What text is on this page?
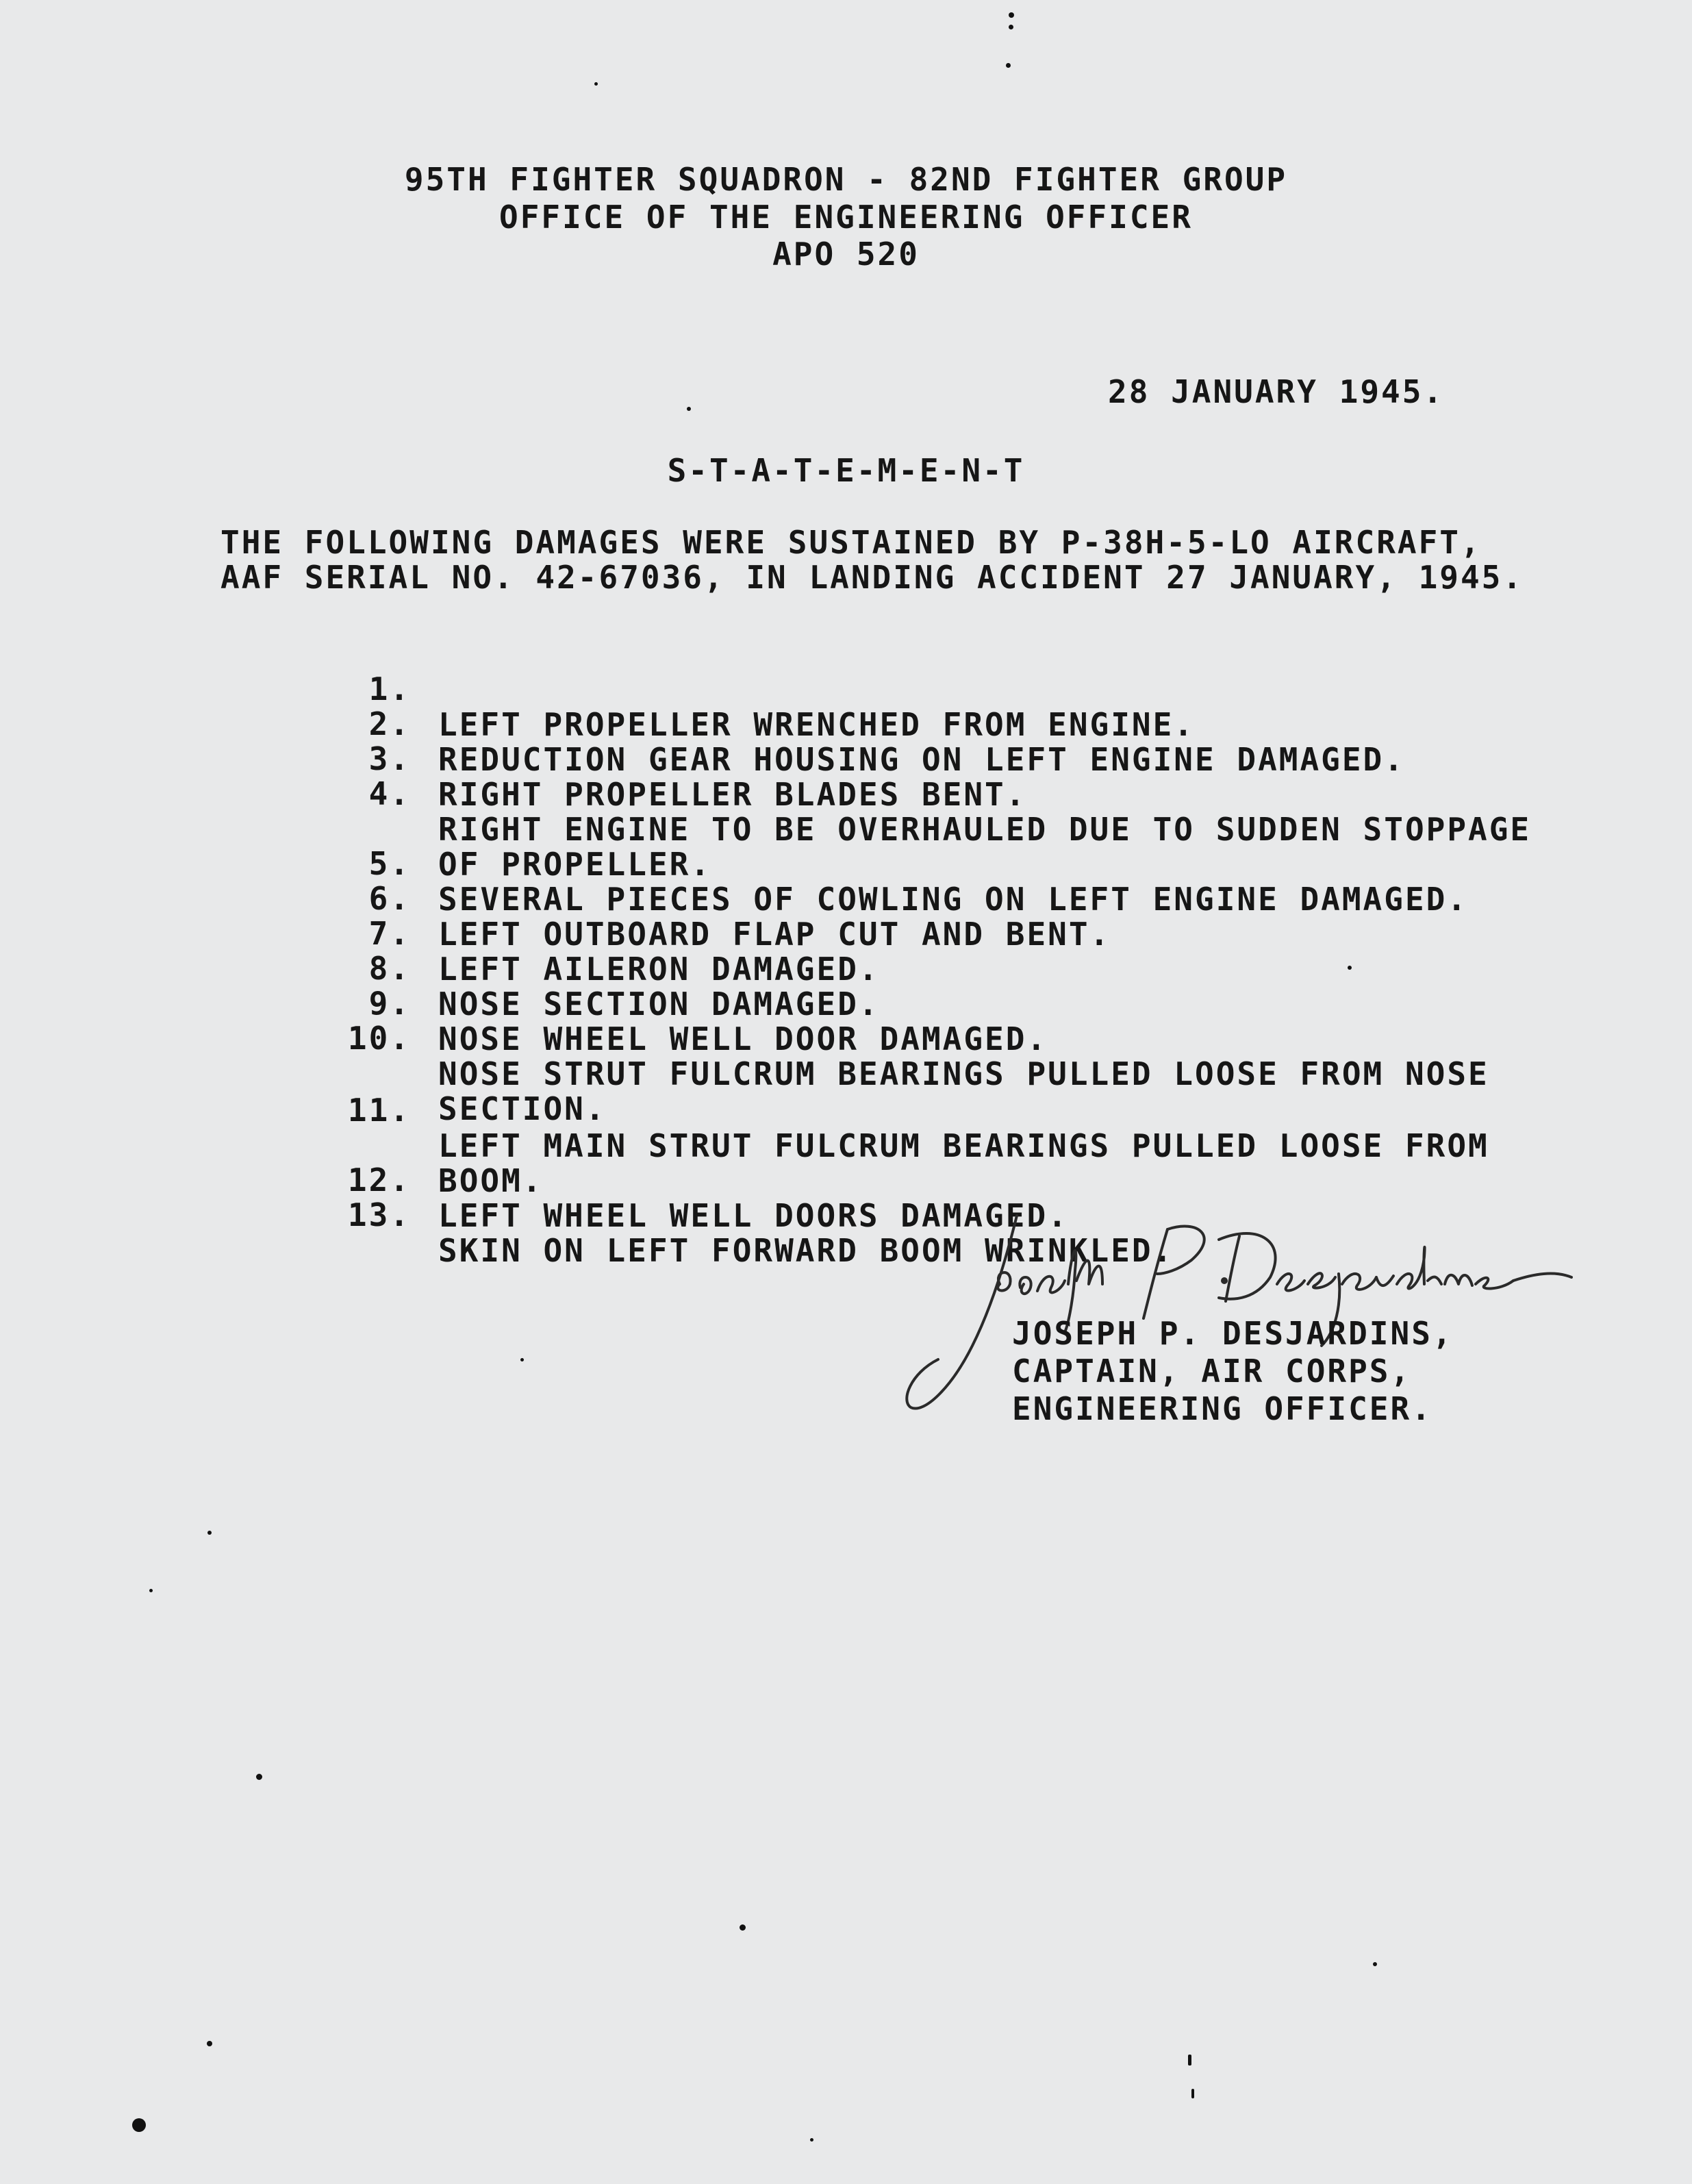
95TH FIGHTER SQUADRON - 82ND FIGHTER GROUP
OFFICE OF THE ENGINEERING OFFICER
APO 520
28 JANUARY 1945.
S-T-A-T-E-M-E-N-T
THE FOLLOWING DAMAGES WERE SUSTAINED BY P-38H-5-LO AIRCRAFT,
AAF SERIAL NO. 42-67036, IN LANDING ACCIDENT 27 JANUARY, 1945.

1.

LEFT PROPELLER WRENCHED FROM ENGINE.

2.

REDUCTION GEAR HOUSING ON LEFT ENGINE DAMAGED.

3.

RIGHT PROPELLER BLADES BENT.

4.

RIGHT ENGINE TO BE OVERHAULED DUE TO SUDDEN STOPPAGE
OF PROPELLER.

5.

SEVERAL PIECES OF COWLING ON LEFT ENGINE DAMAGED.

6.

LEFT OUTBOARD FLAP CUT AND BENT.

7.

LEFT AILERON DAMAGED.

8.

NOSE SECTION DAMAGED.

9.

NOSE WHEEL WELL DOOR DAMAGED.

10.

NOSE STRUT FULCRUM BEARINGS PULLED LOOSE FROM NOSE
SECTION.

11.

LEFT MAIN STRUT FULCRUM BEARINGS PULLED LOOSE FROM
BOOM.

12.

LEFT WHEEL WELL DOORS DAMAGED.

13.

SKIN ON LEFT FORWARD BOOM WRINKLED.

JOSEPH P. DESJARDINS,
CAPTAIN, AIR CORPS,
ENGINEERING OFFICER.
